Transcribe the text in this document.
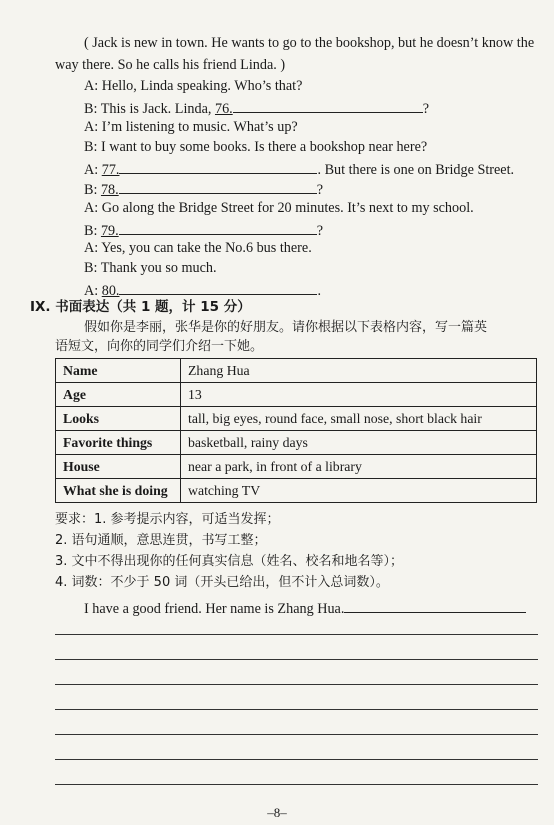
( Jack is new in town. He wants to go to the bookshop, but he doesn’t know the
way there. So he calls his friend Linda. )
A: Hello, Linda speaking. Who’s that?
B: This is Jack. Linda, 76.	?
A: I’m listening to music. What’s up?
B: I want to buy some books. Is there a bookshop near here?
A: 77.	. But there is one on Bridge Street.
B: 78.	?
A: Go along the Bridge Street for 20 minutes. It’s next to my school.
B: 79.	?
A: Yes, you can take the No.6 bus there.
B: Thank you so much.
A: 80.	.
IX. 书面表达（共 1 题，计 15 分）
假如你是李丽，张华是你的好朋友。请你根据以下表格内容，写一篇英
语短文，向你的同学们介绍一下她。
Name	Zhang Hua
Age	13
Looks	tall, big eyes, round face, small nose, short black hair
Favorite things	basketball, rainy days
House	near a park, in front of a library
What she is doing	watching TV
要求：1. 参考提示内容，可适当发挥；
2. 语句通顺，意思连贯，书写工整；
3. 文中不得出现你的任何真实信息（姓名、校名和地名等）；
4. 词数：不少于 50 词（开头已给出，但不计入总词数）。
I have a good friend. Her name is Zhang Hua.
–8–
